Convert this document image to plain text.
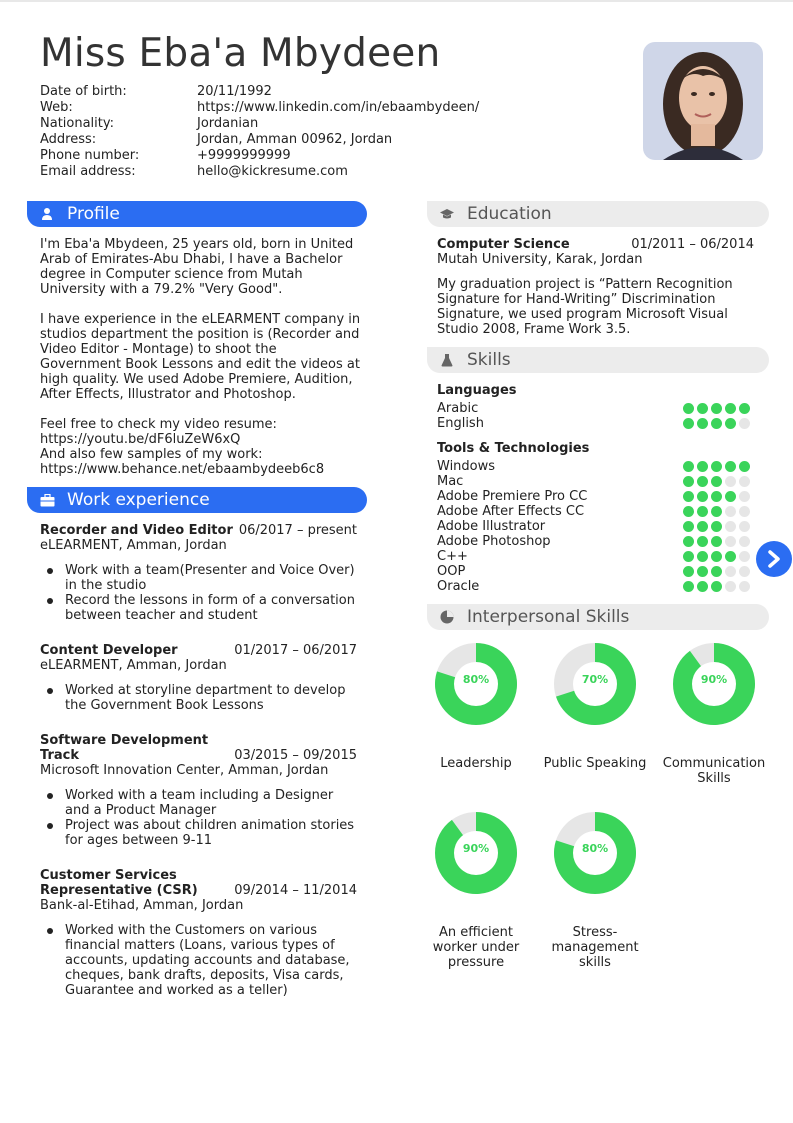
Miss Eba'a Mbydeen
Date of birth:	20/11/1992
Web:	https://www.linkedin.com/in/ebaambydeen/
Nationality:	Jordanian
Address:	Jordan, Amman 00962, Jordan
Phone number:	+9999999999
Email address:	hello@kickresume.com
Profile
I'm Eba'a Mbydeen, 25 years old, born in United
Arab of Emirates-Abu Dhabi, I have a Bachelor
degree in Computer science from Mutah
University with a 79.2% "Very Good".
I have experience in the eLEARMENT company in
studios department the position is (Recorder and
Video Editor - Montage) to shoot the
Government Book Lessons and edit the videos at
high quality. We used Adobe Premiere, Audition,
After Effects, Illustrator and Photoshop.
Feel free to check my video resume:
https://youtu.be/dF6luZeW6xQ
And also few samples of my work:
https://www.behance.net/ebaambydeeb6c8
Work experience
Recorder and Video Editor 06/2017 – present
eLEARMENT, Amman, Jordan
Work with a team(Presenter and Voice Over)
in the studio
Record the lessons in form of a conversation
between teacher and student
Content Developer	01/2017 – 06/2017
eLEARMENT, Amman, Jordan
Worked at storyline department to develop
the Government Book Lessons
Software Development
Track	03/2015 – 09/2015
Microsoft Innovation Center, Amman, Jordan
Worked with a team including a Designer
and a Product Manager
Project was about children animation stories
for ages between 9-11
Customer Services
Representative (CSR)	09/2014 – 11/2014
Bank-al-Etihad, Amman, Jordan
Worked with the Customers on various
financial matters (Loans, various types of
accounts, updating accounts and database,
cheques, bank drafts, deposits, Visa cards,
Guarantee and worked as a teller)
Education
Computer Science	01/2011 – 06/2014
Mutah University, Karak, Jordan
My graduation project is “Pattern Recognition
Signature for Hand-Writing” Discrimination
Signature, we used program Microsoft Visual
Studio 2008, Frame Work 3.5.
Skills
Languages
Arabic
English
Tools & Technologies
Windows
Mac
Adobe Premiere Pro CC
Adobe After Effects CC
Adobe Illustrator
Adobe Photoshop
C++
OOP
Oracle
Interpersonal Skills
80%
Leadership
70%
Public Speaking
90%
Communication Skills
90%
An efficient worker under pressure
80%
Stress-management skills
